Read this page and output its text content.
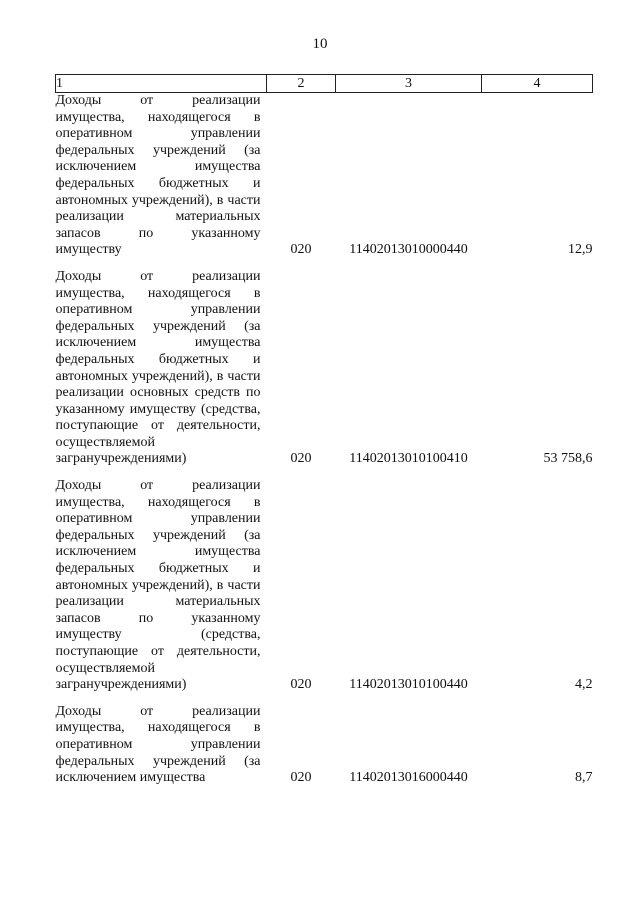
10
1	2	3	4

Доходы от реализации имущества, находящегося в оперативном управлении федеральных учреждений (за исключением имущества федеральных бюджетных и автономных учреждений), в части реализации материальных запасов по указанному имуществу	020	11402013010000440	12,9

Доходы от реализации имущества, находящегося в оперативном управлении федеральных учреждений (за исключением имущества федеральных бюджетных и автономных учреждений), в части реализации основных средств по указанному имуществу (средства, поступающие от деятельности, осуществляемой загранучреждениями)	020	11402013010100410	53 758,6

Доходы от реализации имущества, находящегося в оперативном управлении федеральных учреждений (за исключением имущества федеральных бюджетных и автономных учреждений), в части реализации материальных запасов по указанному имуществу (средства, поступающие от деятельности, осуществляемой загранучреждениями)	020	11402013010100440	4,2

Доходы от реализации имущества, находящегося в оперативном управлении федеральных учреждений (за исключением имущества	020	11402013016000440	8,7
